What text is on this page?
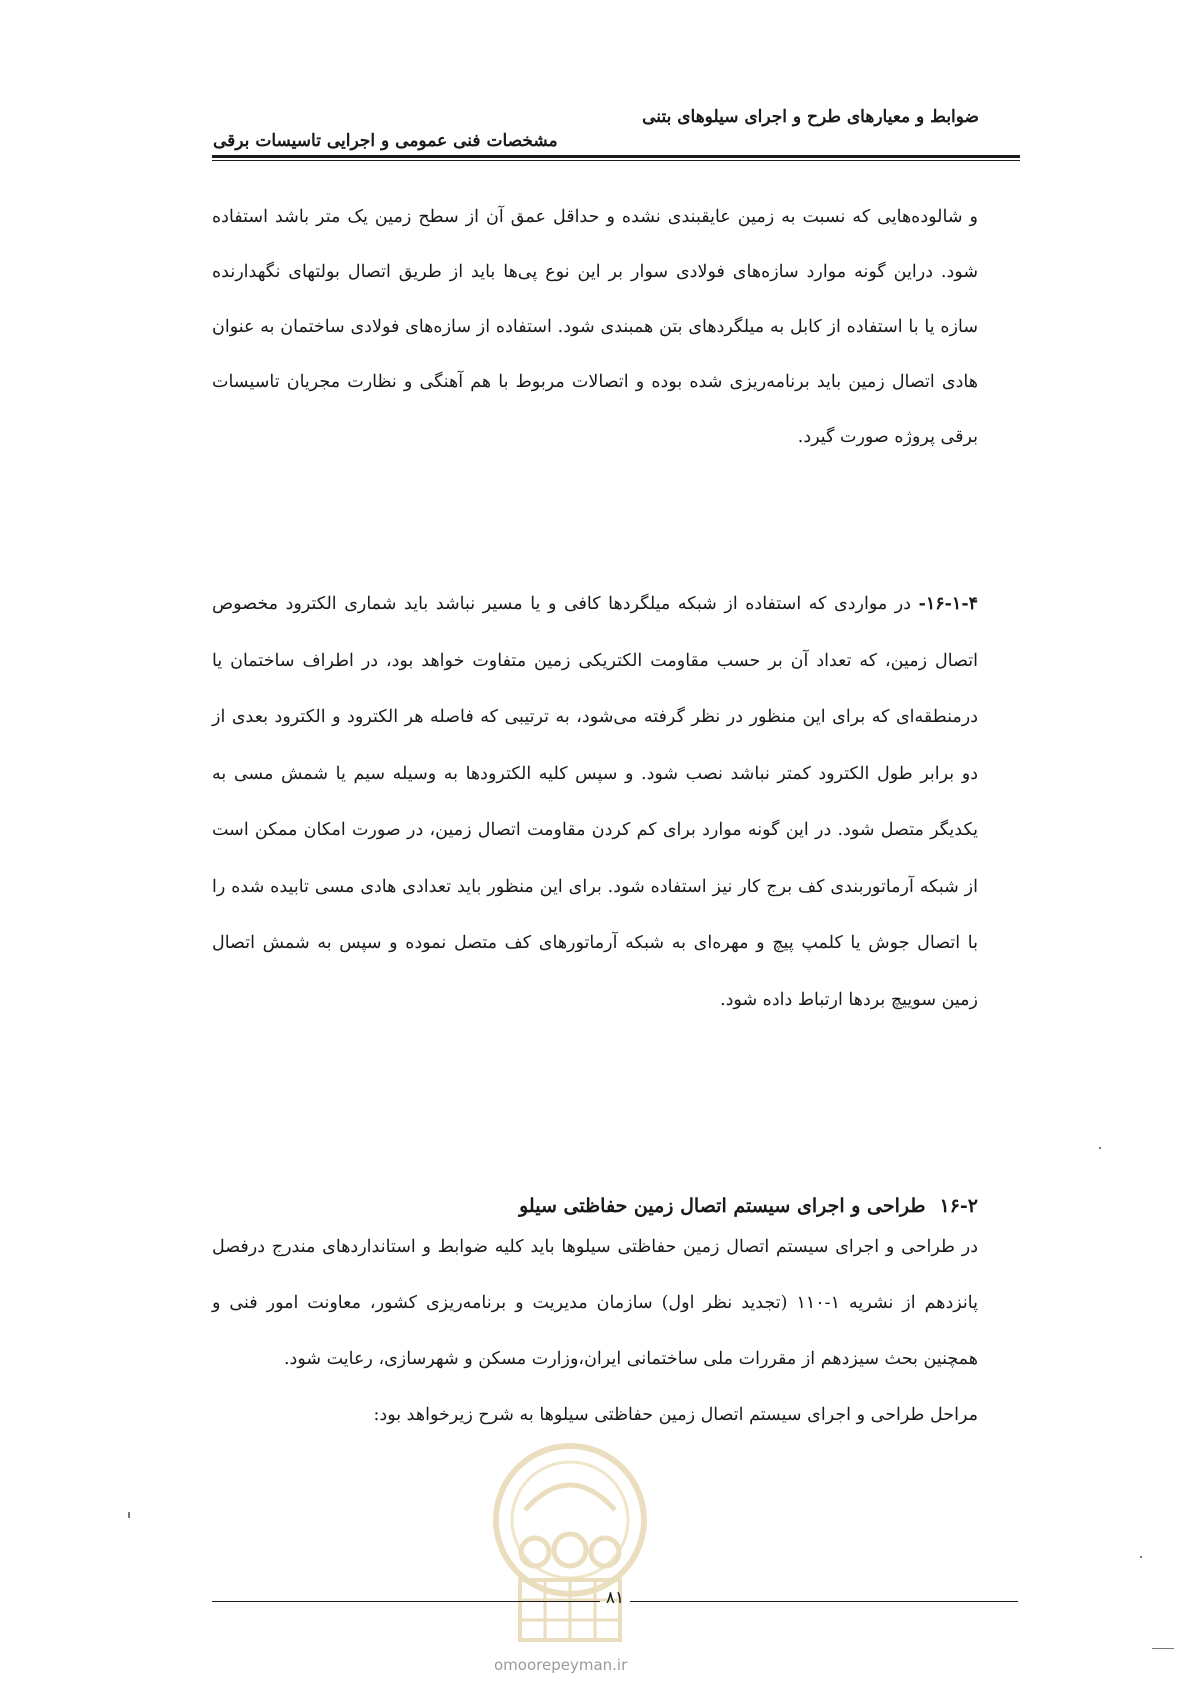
ضوابط و معیارهای طرح و اجرای سیلوهای بتنی
مشخصات فنی عمومی و اجرایی تاسیسات برقی

و شالوده‌هایی که نسبت به زمین عایقبندی نشده و حداقل عمق آن از سطح زمین یک متر باشد استفاده شود. دراین گونه موارد سازه‌های فولادی سوار بر این نوع پی‌ها باید از طریق اتصال بولتهای نگهدارنده سازه یا با استفاده از کابل به میلگردهای بتن همبندی شود. استفاده از سازه‌های فولادی ساختمان به عنوان هادی اتصال زمین باید برنامه‌ریزی شده بوده و اتصالات مربوط با هم آهنگی و نظارت مجریان تاسیسات برقی پروژه صورت گیرد.

۱۶-۱-۴- در مواردی که استفاده از شبکه میلگردها کافی و یا مسیر نباشد باید شماری الکترود مخصوص اتصال زمین، که تعداد آن بر حسب مقاومت الکتریکی زمین متفاوت خواهد بود، در اطراف ساختمان یا درمنطقه‌ای که برای این منظور در نظر گرفته می‌شود، به ترتیبی که فاصله هر الکترود و الکترود بعدی از دو برابر طول الکترود کمتر نباشد نصب شود. و سپس کلیه الکترودها به وسیله سیم یا شمش مسی به یکدیگر متصل شود. در این گونه موارد برای کم کردن مقاومت اتصال زمین، در صورت امکان ممکن است از شبکه آرماتوربندی کف برج کار نیز استفاده شود. برای این منظور باید تعدادی هادی مسی تابیده شده را با اتصال جوش یا کلمپ پیچ و مهره‌ای به شبکه آرماتورهای کف متصل نموده و سپس به شمش اتصال زمین سوییچ بردها ارتباط داده شود.

۱۶-۲طراحی و اجرای سیستم اتصال زمین حفاظتی سیلو

در طراحی و اجرای سیستم اتصال زمین حفاظتی سیلوها باید کلیه ضوابط و استانداردهای مندرج درفصل پانزدهم از نشریه ۱-۱۱۰ (تجدید نظر اول) سازمان مدیریت و برنامه‌ریزی کشور، معاونت امور فنی و همچنین بحث سیزدهم از مقررات ملی ساختمانی ایران،وزارت مسکن و شهرسازی، رعایت شود.

مراحل طراحی و اجرای سیستم اتصال زمین حفاظتی سیلوها به شرح زیرخواهد بود:

۸۱
omoorepeyman.ir
